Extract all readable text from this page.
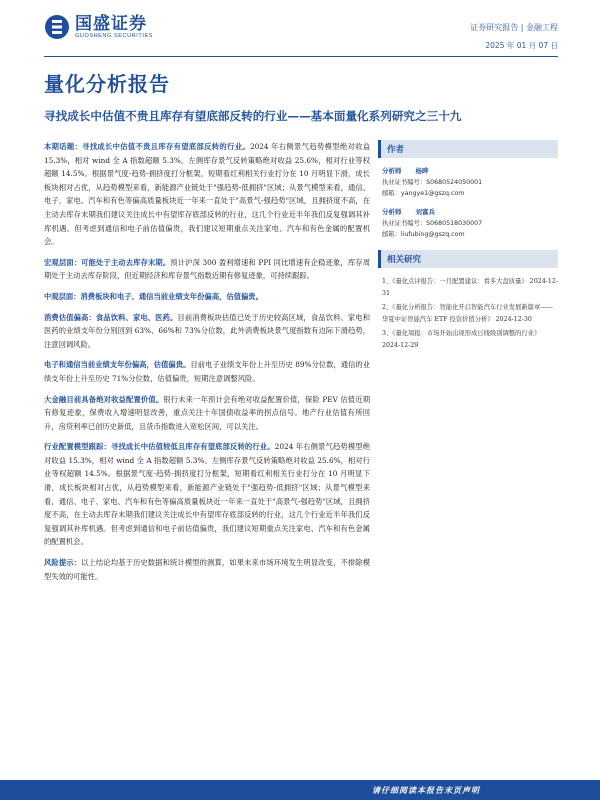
国盛证券
GUOSHENG SECURITIES
证券研究报告 | 金融工程
2025 年 01 月 07 日
量化分析报告
寻找成长中估值不贵且库存有望底部反转的行业——基本面量化系列研究之三十九

本期话题：寻找成长中估值不贵且库存有望底部反转的行业。2024 年右侧景气趋势模型绝对收益 15.3%，相对 wind 全 A 指数超额 5.3%。左侧库存景气反转策略绝对收益 25.6%，相对行业等权超额 14.5%。根据景气度-趋势-拥挤度打分框架，短期看红利相关行业打分在 10 月明显下滑，成长板块相对占优，从趋势模型来看，新能源产业链处于"强趋势-低拥挤"区域；从景气模型来看，通信、电子、家电、汽车和有色等偏高质量板块近一年来一直处于"高景气-强趋势"区域，且拥挤度不高，在主动去库存末期我们建议关注成长中有望库存底部反转的行业，这几个行业近半年我们反复强调其补库机遇。但考虑到通信和电子前估值偏贵，我们建议短期重点关注家电、汽车和有色金属的配置机会。

宏观层面：可能处于主动去库存末期。预计沪深 300 盈利增速和 PPI 同比增速有企稳迹象，库存周期处于主动去库存阶段，但近期经济和库存景气指数近期有修复迹象，可持续跟踪。

中观层面：消费板块和电子、通信当前业绩支年份偏高，估值偏贵。

消费估值偏高：食品饮料、家电、医药。目前消费板块估值已处于历史较高区域，食品饮料、家电和医药的业绩支年份分别回到 63%、66%和 73%分位数，此外消费板块景气度指数有边际下滑趋势，注意回调风险。

电子和通信当前业绩支年份偏高，估值偏贵。目前电子业绩支年份上升至历史 89%分位数，通信的业绩支年份上升至历史 71%分位数，估值偏贵，短期注意调整风险。

大金融目前具备绝对收益配置价值。银行未来一年预计会有绝对收益配置价值，保险 PEV 估值近期有修复迹象，保费收入增速明显改善，重点关注十年国债收益率的拐点信号。地产行业估值有所回升，房贷利率已创历史新低，且货币指数进入宽松区间，可以关注。

行业配置模型跟踪：寻找成长中估值较低且库存有望底部反转的行业。2024 年右侧景气趋势模型绝对收益 15.3%，相对 wind 全 A 指数超额 5.3%。左侧库存景气反转策略绝对收益 25.6%，相对行业等权超额 14.5%。根据景气度-趋势-拥挤度打分框架，短期看红利相关行业打分在 10 月明显下滑，成长板块相对占优，从趋势模型来看，新能源产业链处于"强趋势-低拥挤"区域；从景气模型来看，通信、电子、家电、汽车和有色等偏高质量板块近一年来一直处于"高景气-强趋势"区域，且拥挤度不高，在主动去库存末期我们建议关注成长中有望库存底部反转的行业，这几个行业近半年我们反复强调其补库机遇。但考虑到通信和电子前估值偏贵，我们建议短期重点关注家电、汽车和有色金属的配置机会。

风险提示：以上结论均基于历史数据和统计模型的测算，如果未来市场环境发生明显改变，不排除模型失效的可能性。

作者
分析师 杨晔
执业证书编号：S0680524050001
邮箱：yangye1@gszq.com
分析师 刘富兵
执业证书编号：S0680518030007
邮箱：liufubing@gszq.com
相关研究
1、《量化点评报告：一月配置建议：看多大盘质量》 2024-12-31
2、《量化分析报告：智能化开启智能汽车行业发展新篇章——华夏中证智能汽车 ETF 投资价值分析》 2024-12-30
3、《量化周报：市场开始出现形成日线级别调整的行业》 2024-12-29
请仔细阅读本报告末页声明
